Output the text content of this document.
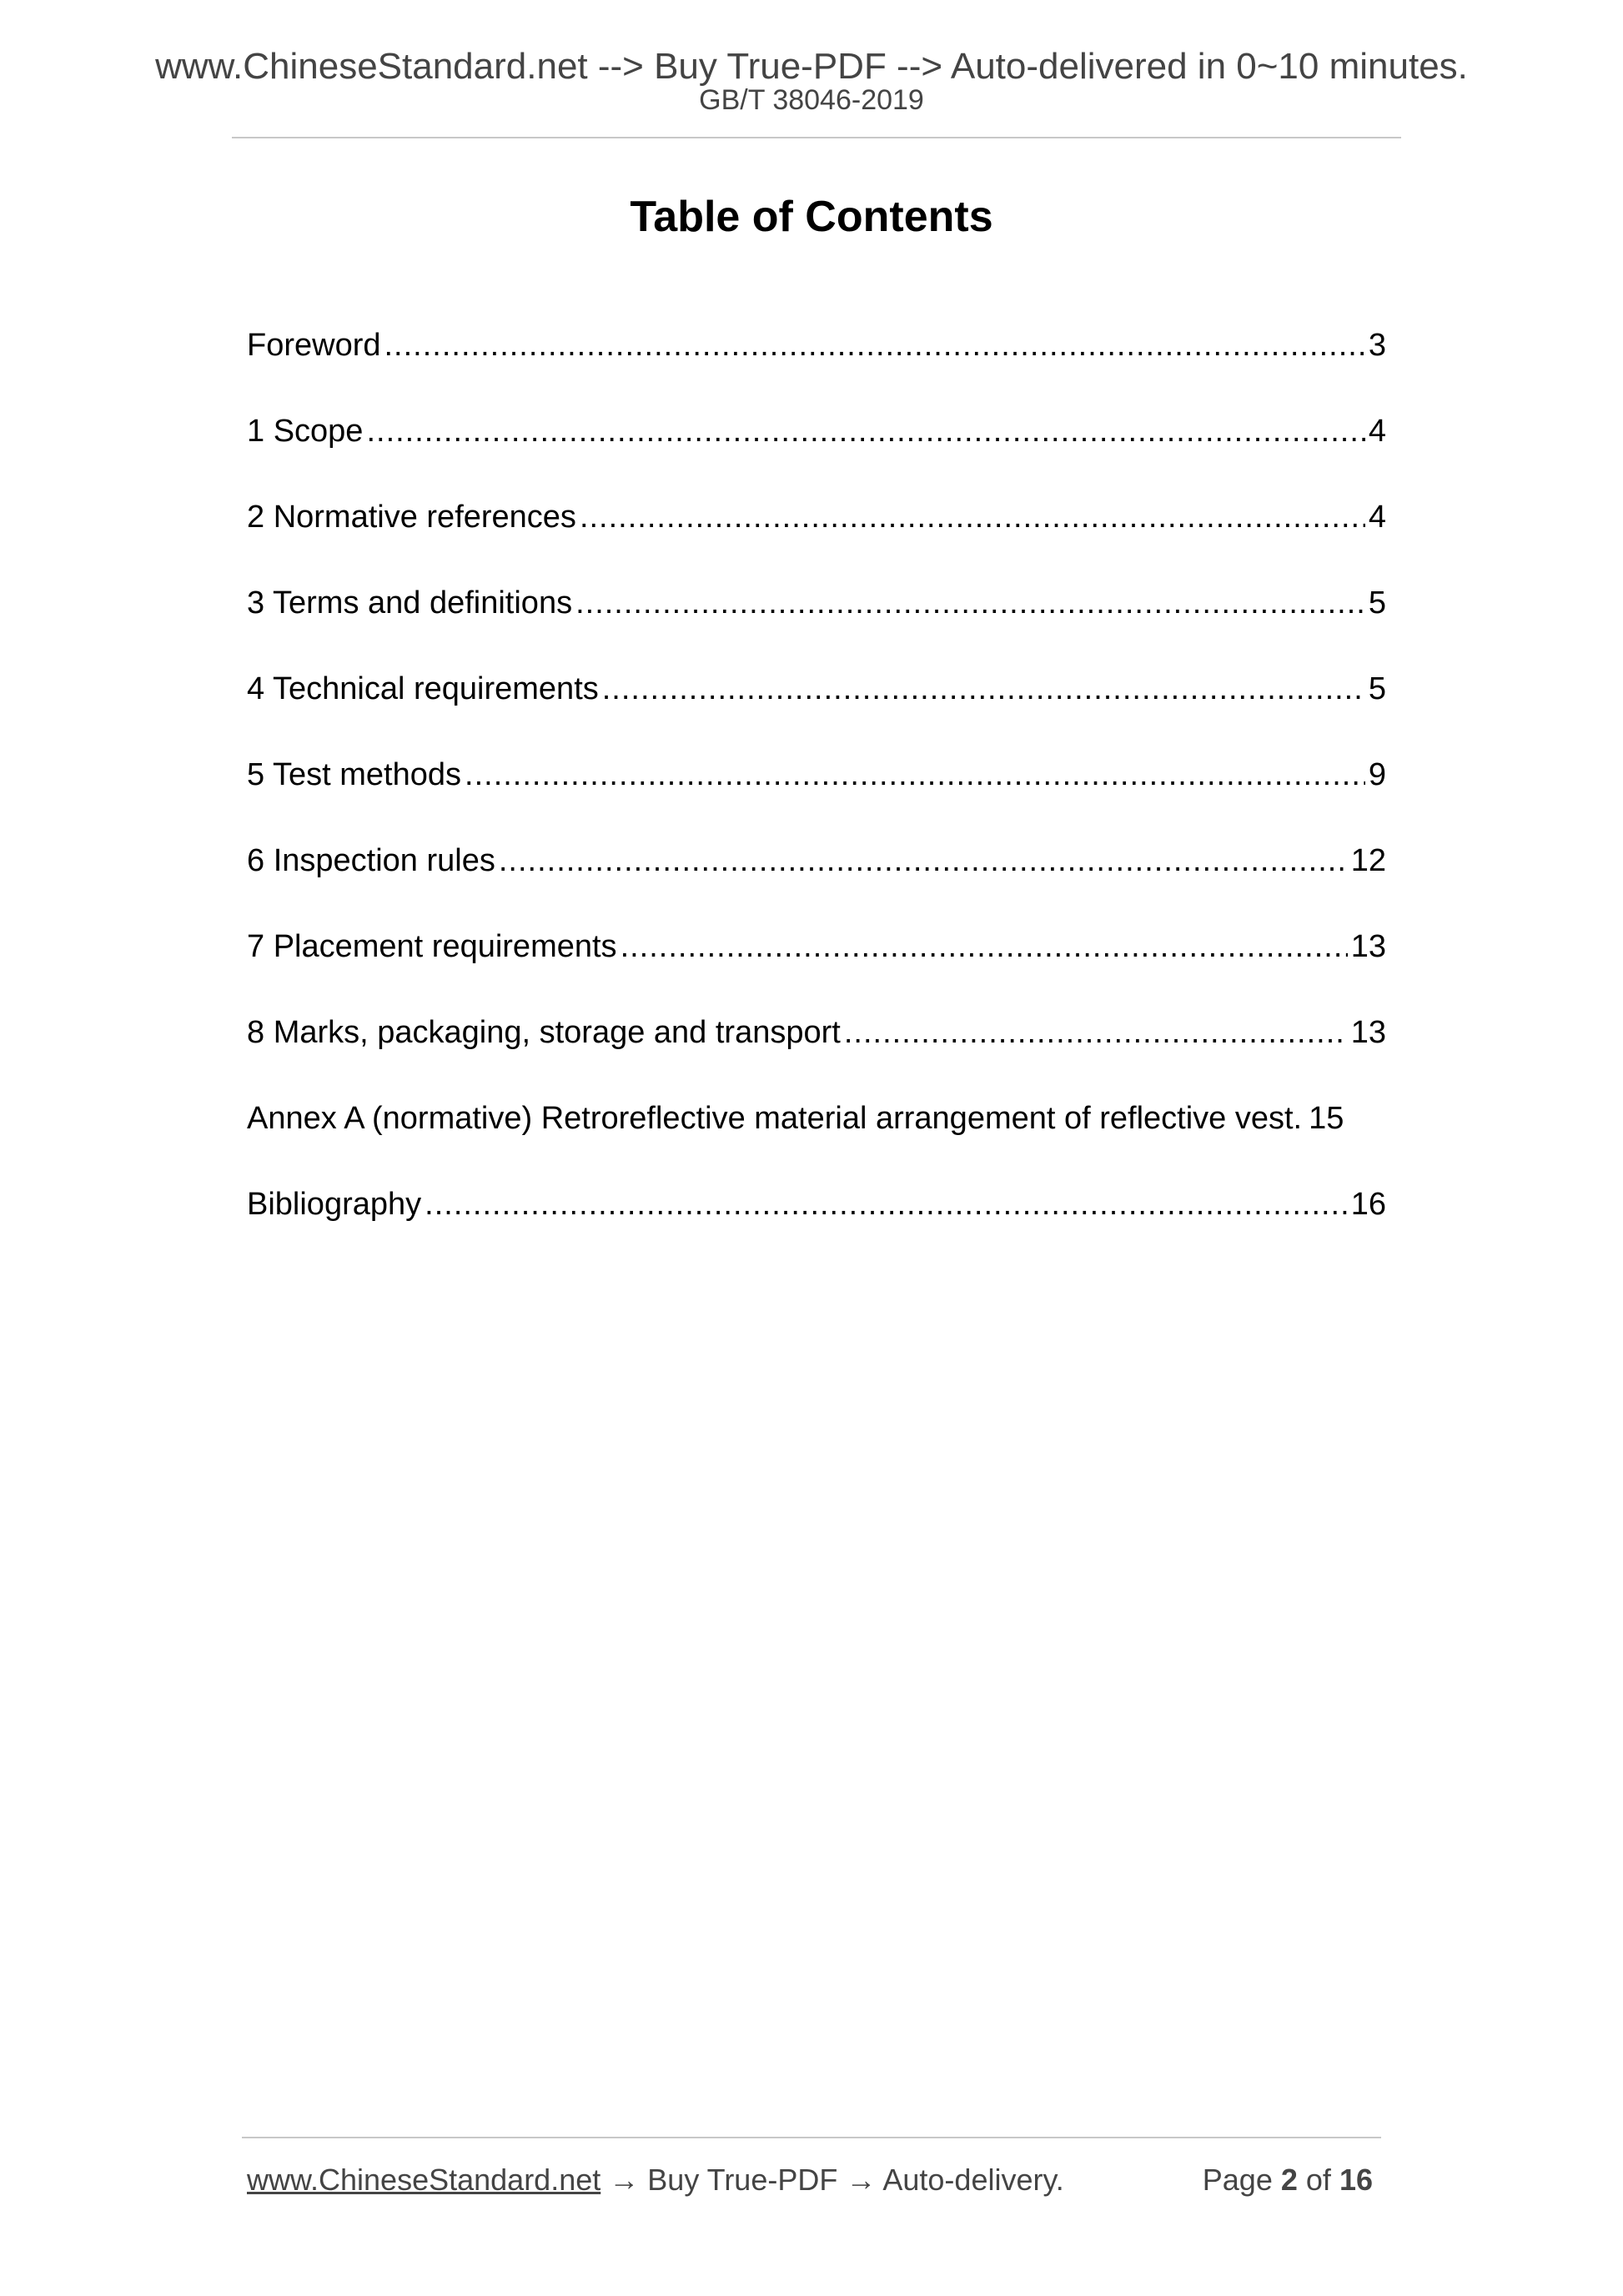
www.ChineseStandard.net --> Buy True-PDF --> Auto-delivered in 0~10 minutes.
GB/T 38046-2019
Table of Contents
Foreword .....	3
1 Scope .....	4
2 Normative references .....	4
3 Terms and definitions .....	5
4 Technical requirements .....	5
5 Test methods .....	9
6 Inspection rules .....	12
7 Placement requirements .....	13
8 Marks, packaging, storage and transport .....	13
Annex A (normative) Retroreflective material arrangement of reflective vest. 15
Bibliography .....	16
www.ChineseStandard.net → Buy True-PDF → Auto-delivery.	Page 2 of 16
